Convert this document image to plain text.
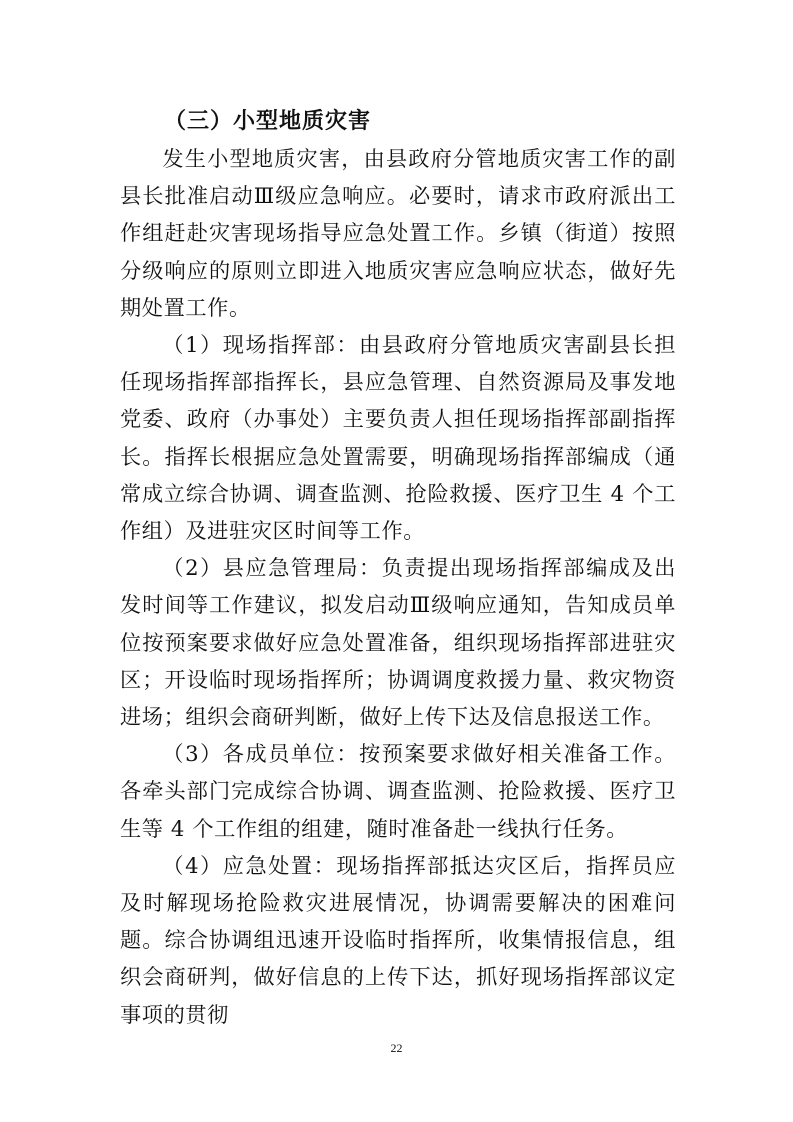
（三）小型地质灾害

发生小型地质灾害，由县政府分管地质灾害工作的副县长批准启动Ⅲ级应急响应。必要时，请求市政府派出工作组赶赴灾害现场指导应急处置工作。乡镇（街道）按照分级响应的原则立即进入地质灾害应急响应状态，做好先期处置工作。

（1）现场指挥部：由县政府分管地质灾害副县长担任现场指挥部指挥长，县应急管理、自然资源局及事发地党委、政府（办事处）主要负责人担任现场指挥部副指挥长。指挥长根据应急处置需要，明确现场指挥部编成（通常成立综合协调、调查监测、抢险救援、医疗卫生 4 个工作组）及进驻灾区时间等工作。

（2）县应急管理局：负责提出现场指挥部编成及出发时间等工作建议，拟发启动Ⅲ级响应通知，告知成员单位按预案要求做好应急处置准备，组织现场指挥部进驻灾区；开设临时现场指挥所；协调调度救援力量、救灾物资进场；组织会商研判断，做好上传下达及信息报送工作。

（3）各成员单位：按预案要求做好相关准备工作。各牵头部门完成综合协调、调查监测、抢险救援、医疗卫生等 4 个工作组的组建，随时准备赴一线执行任务。

（4）应急处置：现场指挥部抵达灾区后，指挥员应及时解现场抢险救灾进展情况，协调需要解决的困难问题。综合协调组迅速开设临时指挥所，收集情报信息，组织会商研判，做好信息的上传下达，抓好现场指挥部议定事项的贯彻

22
